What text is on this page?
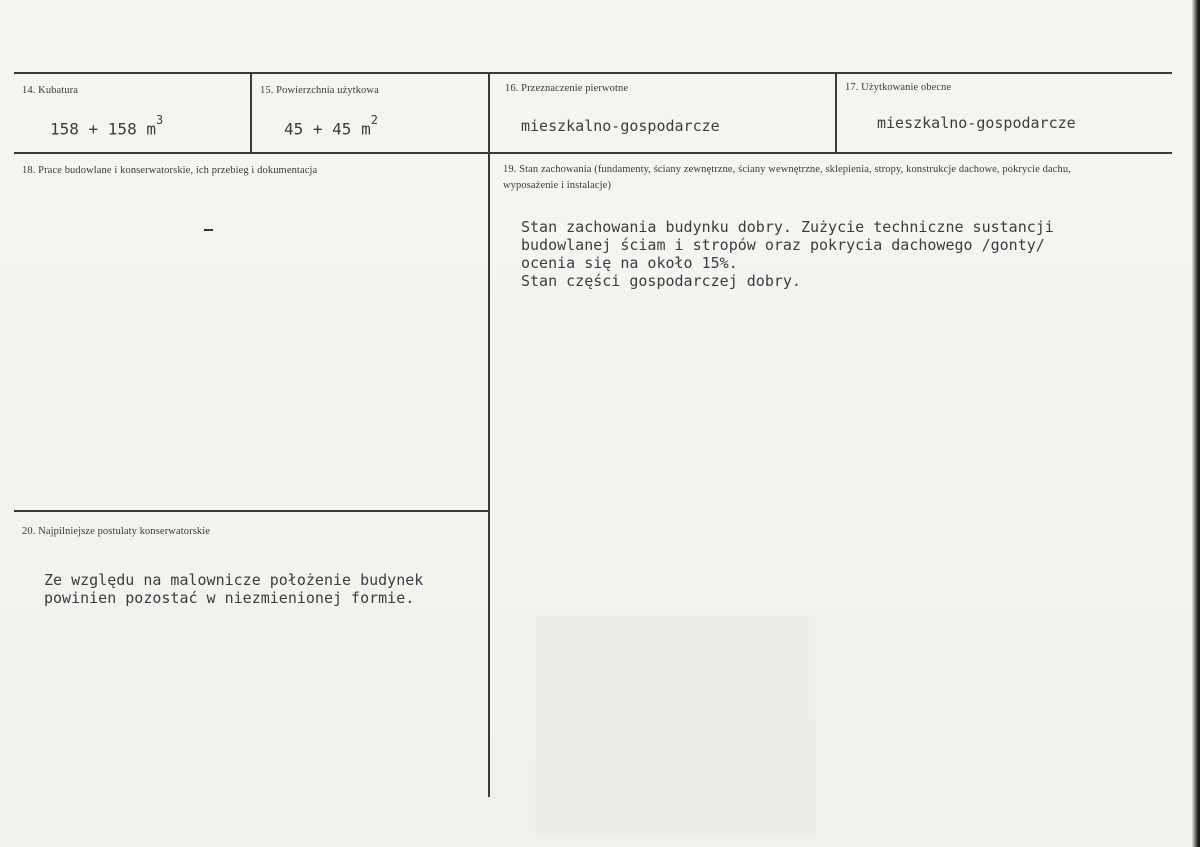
14. Kubatura
158 + 158 $m^3$
15. Powierzchnia użytkowa
45 + 45 $m^2$
16. Przeznaczenie pierwotne
mieszkalno-gospodarcze
17. Użytkowanie obecne
mieszkalno-gospodarcze
18. Prace budowlane i konserwatorskie, ich przebieg i dokumentacja	19. Stan zachowania (fundamenty, ściany zewnętrzne, ściany wewnętrzne, sklepienia, stropy, konstrukcje dachowe, pokrycie dachu, wyposażenie i instalacje)
Stan zachowania budynku dobry. Zużycie techniczne sustancji
budowlanej ściam i stropów oraz pokrycia dachowego /gonty/
ocenia się na około 15%.
Stan części gospodarczej dobry.
20. Najpilniejsze postulaty konserwatorskie
Ze względu na malownicze położenie budynek
powinien pozostać w niezmienionej formie.
